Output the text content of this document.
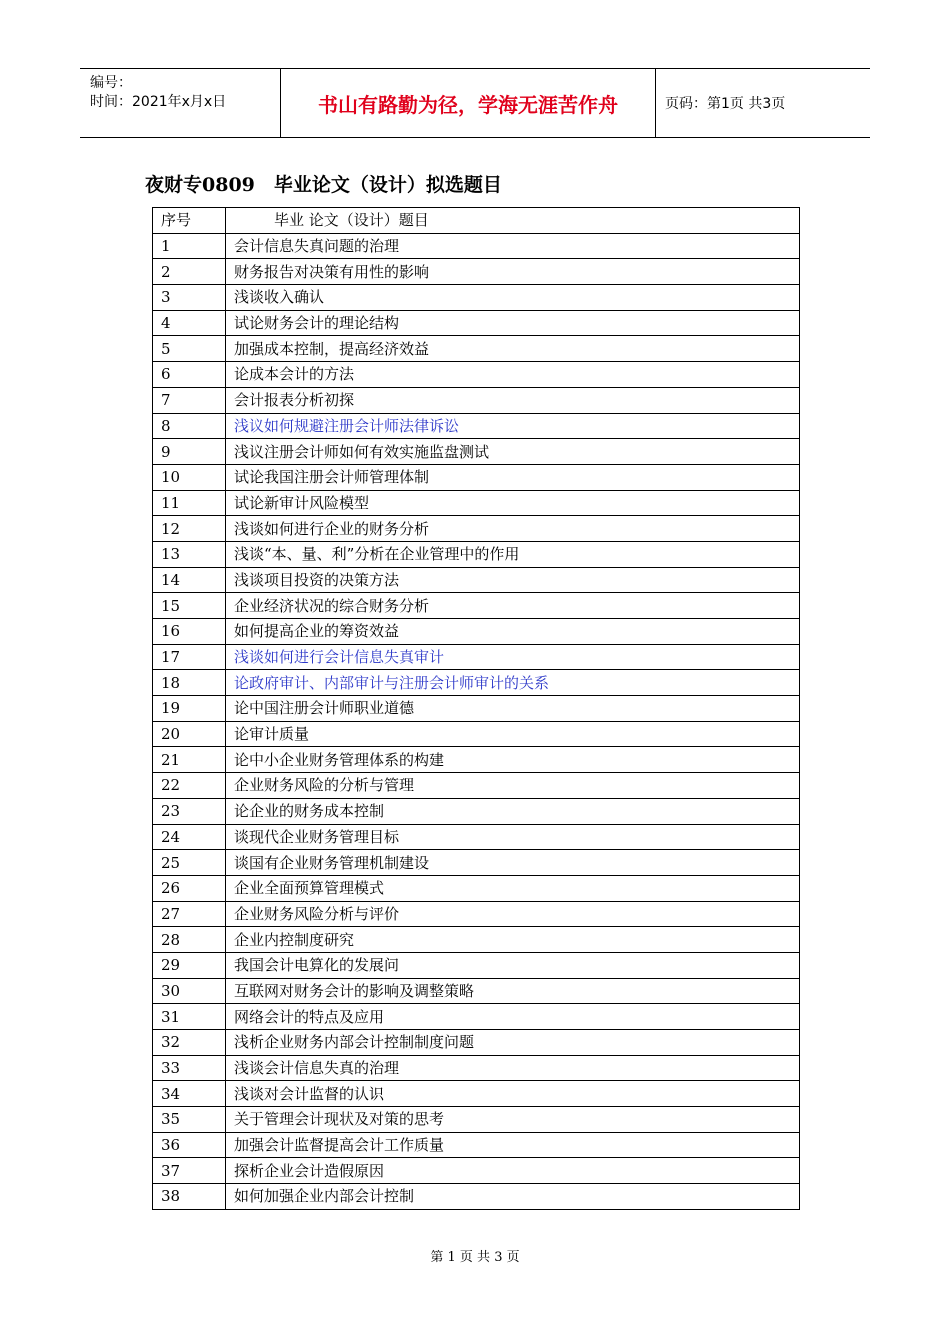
编号：
时间：2021年x月x日	书山有路勤为径，学海无涯苦作舟	页码：第1页 共3页
夜财专0809　毕业论文（设计）拟选题目
序号	毕业 论文（设计）题目
1	会计信息失真问题的治理
2	财务报告对决策有用性的影响
3	浅谈收入确认
4	试论财务会计的理论结构
5	加强成本控制，提高经济效益
6	论成本会计的方法
7	会计报表分析初探
8	浅议如何规避注册会计师法律诉讼
9	浅议注册会计师如何有效实施监盘测试
10	试论我国注册会计师管理体制
11	试论新审计风险模型
12	浅谈如何进行企业的财务分析
13	浅谈“本、量、利”分析在企业管理中的作用
14	浅谈项目投资的决策方法
15	企业经济状况的综合财务分析
16	如何提高企业的筹资效益
17	浅谈如何进行会计信息失真审计
18	论政府审计、内部审计与注册会计师审计的关系
19	论中国注册会计师职业道德
20	论审计质量
21	论中小企业财务管理体系的构建
22	企业财务风险的分析与管理
23	论企业的财务成本控制
24	谈现代企业财务管理目标
25	谈国有企业财务管理机制建设
26	企业全面预算管理模式
27	企业财务风险分析与评价
28	企业内控制度研究
29	我国会计电算化的发展问
30	互联网对财务会计的影响及调整策略
31	网络会计的特点及应用
32	浅析企业财务内部会计控制制度问题
33	浅谈会计信息失真的治理
34	浅谈对会计监督的认识
35	关于管理会计现状及对策的思考
36	加强会计监督提高会计工作质量
37	探析企业会计造假原因
38	如何加强企业内部会计控制
第 1 页 共 3 页
